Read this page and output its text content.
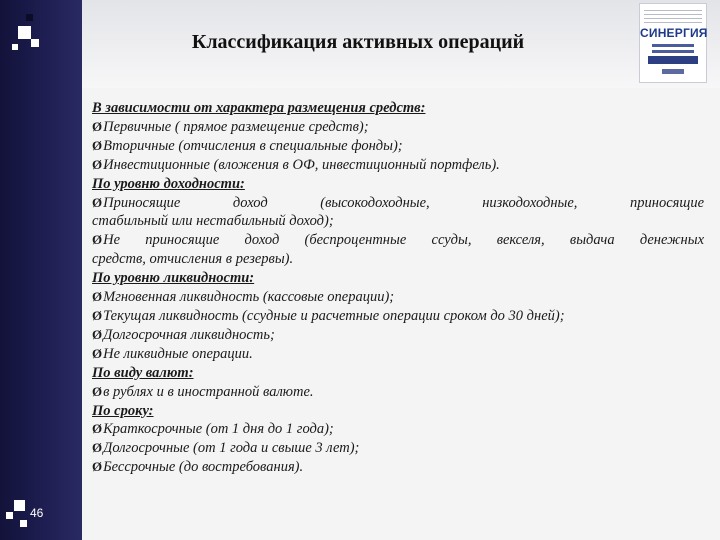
46
Классификация активных операций	СИНЕРГИЯ
В зависимости от характера размещения средств:
ØПервичные ( прямое размещение средств);
ØВторичные (отчисления в специальные фонды);
ØИнвестиционные (вложения в ОФ, инвестиционный портфель).
По уровню доходности:
ØПриносящие доход (высокодоходные, низкодоходные, приносящие
стабильный или нестабильный доход);
ØНе приносящие доход (беспроцентные ссуды, векселя, выдача денежных
средств, отчисления в резервы).
По уровню ликвидности:
ØМгновенная ликвидность (кассовые операции);
ØТекущая ликвидность (ссудные и расчетные операции сроком до 30 дней);
ØДолгосрочная ликвидность;
ØНе ликвидные операции.
По виду валют:
Øв рублях и в иностранной валюте.
По сроку:
ØКраткосрочные (от 1 дня до 1 года);
ØДолгосрочные (от 1 года и свыше 3 лет);
ØБессрочные (до востребования).
